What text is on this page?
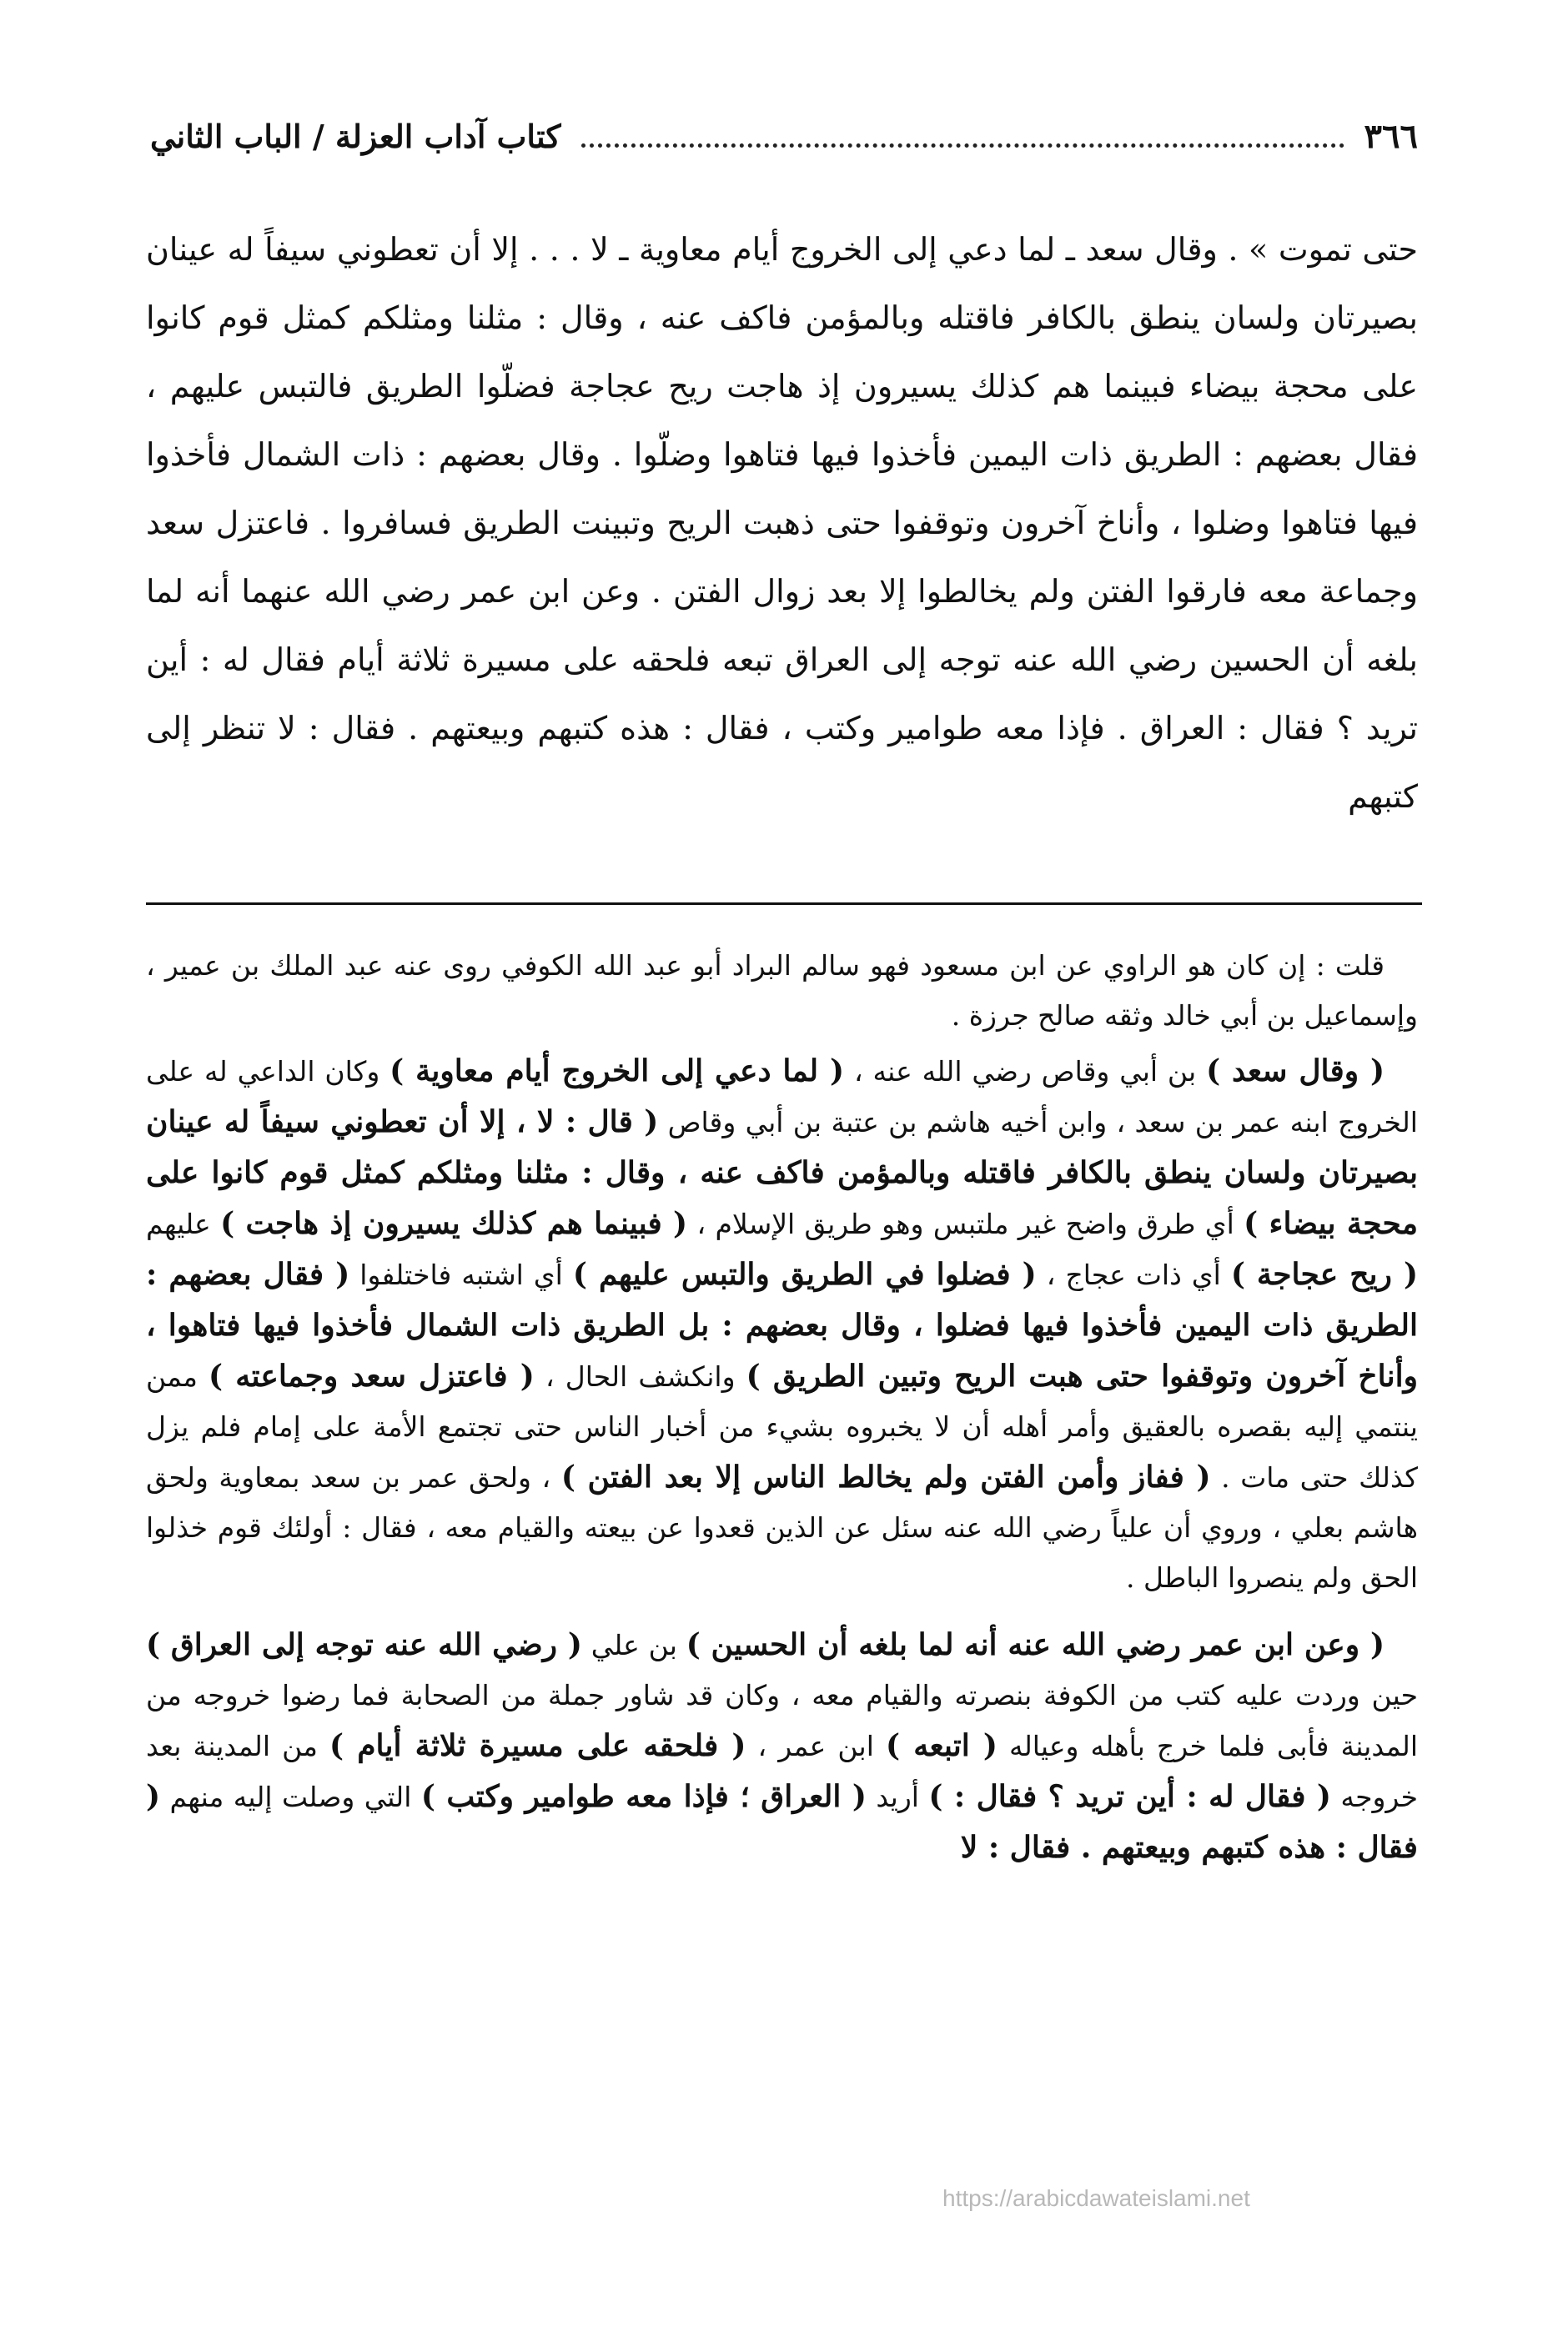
٣٦٦
كتاب آداب العزلة / الباب الثاني

حتى تموت » . وقال سعد ـ لما دعي إلى الخروج أيام معاوية ـ لا . . . إلا أن تعطوني سيفاً له عينان بصيرتان ولسان ينطق بالكافر فاقتله وبالمؤمن فاكف عنه ، وقال : مثلنا ومثلكم كمثل قوم كانوا على محجة بيضاء فبينما هم كذلك يسيرون إذ هاجت ريح عجاجة فضلّوا الطريق فالتبس عليهم ، فقال بعضهم : الطريق ذات اليمين فأخذوا فيها فتاهوا وضلّوا . وقال بعضهم : ذات الشمال فأخذوا فيها فتاهوا وضلوا ، وأناخ آخرون وتوقفوا حتى ذهبت الريح وتبينت الطريق فسافروا . فاعتزل سعد وجماعة معه فارقوا الفتن ولم يخالطوا إلا بعد زوال الفتن . وعن ابن عمر رضي الله عنهما أنه لما بلغه أن الحسين رضي الله عنه توجه إلى العراق تبعه فلحقه على مسيرة ثلاثة أيام فقال له : أين تريد ؟ فقال : العراق . فإذا معه طوامير وكتب ، فقال : هذه كتبهم وبيعتهم . فقال : لا تنظر إلى كتبهم

قلت : إن كان هو الراوي عن ابن مسعود فهو سالم البراد أبو عبد الله الكوفي روى عنه عبد الملك بن عمير ، وإسماعيل بن أبي خالد وثقه صالح جرزة .

( وقال سعد ) بن أبي وقاص رضي الله عنه ، ( لما دعي إلى الخروج أيام معاوية ) وكان الداعي له على الخروج ابنه عمر بن سعد ، وابن أخيه هاشم بن عتبة بن أبي وقاص ( قال : لا ، إلا أن تعطوني سيفاً له عينان بصيرتان ولسان ينطق بالكافر فاقتله وبالمؤمن فاكف عنه ، وقال : مثلنا ومثلكم كمثل قوم كانوا على محجة بيضاء ) أي طرق واضح غير ملتبس وهو طريق الإسلام ، ( فبينما هم كذلك يسيرون إذ هاجت ) عليهم ( ريح عجاجة ) أي ذات عجاج ، ( فضلوا في الطريق والتبس عليهم ) أي اشتبه فاختلفوا ( فقال بعضهم : الطريق ذات اليمين فأخذوا فيها فضلوا ، وقال بعضهم : بل الطريق ذات الشمال فأخذوا فيها فتاهوا ، وأناخ آخرون وتوقفوا حتى هبت الريح وتبين الطريق ) وانكشف الحال ، ( فاعتزل سعد وجماعته ) ممن ينتمي إليه بقصره بالعقيق وأمر أهله أن لا يخبروه بشيء من أخبار الناس حتى تجتمع الأمة على إمام فلم يزل كذلك حتى مات . ( ففاز وأمن الفتن ولم يخالط الناس إلا بعد الفتن ) ، ولحق عمر بن سعد بمعاوية ولحق هاشم بعلي ، وروي أن علياً رضي الله عنه سئل عن الذين قعدوا عن بيعته والقيام معه ، فقال : أولئك قوم خذلوا الحق ولم ينصروا الباطل .

( وعن ابن عمر رضي الله عنه أنه لما بلغه أن الحسين ) بن علي ( رضي الله عنه توجه إلى العراق ) حين وردت عليه كتب من الكوفة بنصرته والقيام معه ، وكان قد شاور جملة من الصحابة فما رضوا خروجه من المدينة فأبى فلما خرج بأهله وعياله ( اتبعه ) ابن عمر ، ( فلحقه على مسيرة ثلاثة أيام ) من المدينة بعد خروجه ( فقال له : أين تريد ؟ فقال : ) أريد ( العراق ؛ فإذا معه طوامير وكتب ) التي وصلت إليه منهم ( فقال : هذه كتبهم وبيعتهم . فقال : لا

https://arabicdawateislami.net
